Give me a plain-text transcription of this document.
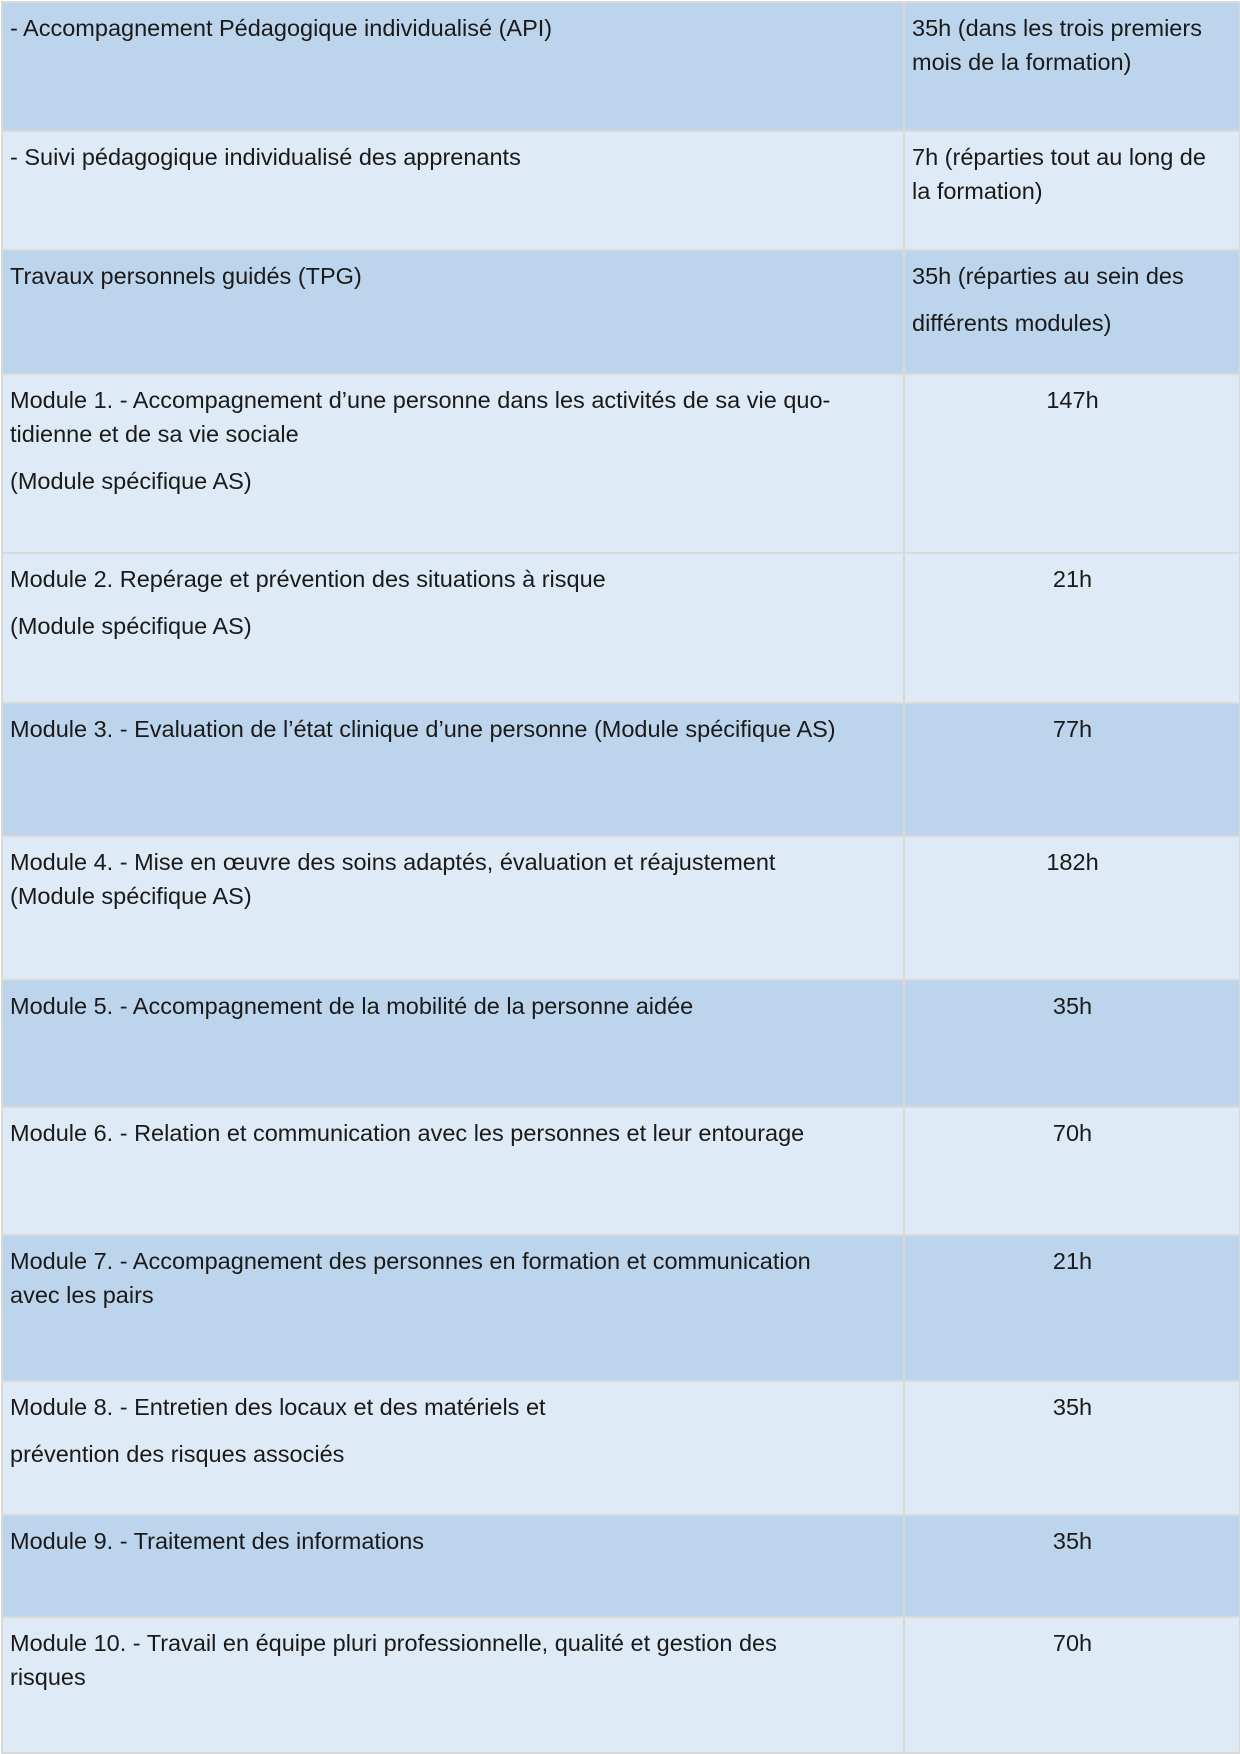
- Accompagnement Pédagogique individualisé (API)	35h (dans les trois premiers
mois de la formation)

- Suivi pédagogique individualisé des apprenants	7h (réparties tout au long de
la formation)

Travaux personnels guidés (TPG)	35h (réparties au sein des
différents modules)

Module 1. - Accompagnement d’une personne dans les activités de sa vie quo-
tidienne et de sa vie sociale
(Module spécifique AS)	147h

Module 2. Repérage et prévention des situations à risque
(Module spécifique AS)	21h

Module 3. - Evaluation de l’état clinique d’une personne (Module spécifique AS)	77h

Module 4. - Mise en œuvre des soins adaptés, évaluation et réajustement
(Module spécifique AS)	182h

Module 5. - Accompagnement de la mobilité de la personne aidée	35h

Module 6. - Relation et communication avec les personnes et leur entourage	70h

Module 7. - Accompagnement des personnes en formation et communication
avec les pairs	21h

Module 8. - Entretien des locaux et des matériels et
prévention des risques associés	35h

Module 9. - Traitement des informations	35h

Module 10. - Travail en équipe pluri professionnelle, qualité et gestion des
risques	70h
